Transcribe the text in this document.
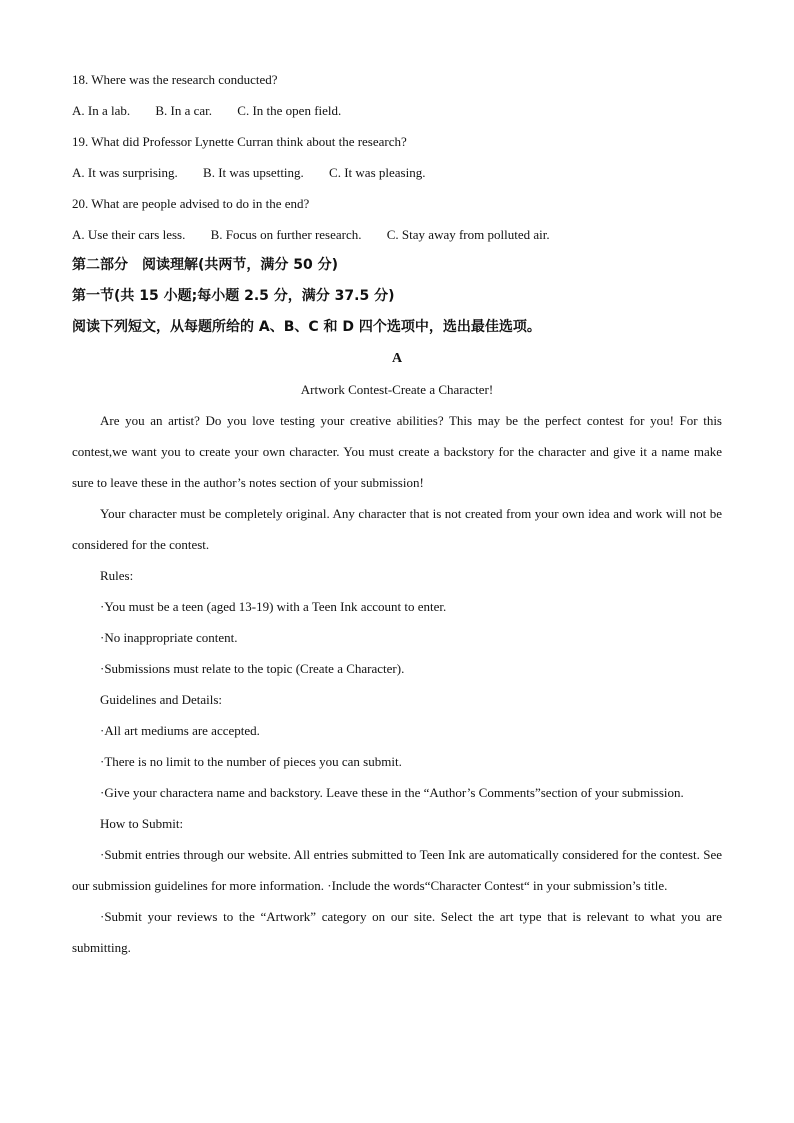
18. Where was the research conducted?

A. In a lab. B. In a car. C. In the open field.

19. What did Professor Lynette Curran think about the research?

A. It was surprising. B. It was upsetting. C. It was pleasing.

20. What are people advised to do in the end?

A. Use their cars less. B. Focus on further research. C. Stay away from polluted air.

第二部分　阅读理解(共两节，满分 50 分)

第一节(共 15 小题;每小题 2.5 分，满分 37.5 分)

阅读下列短文，从每题所给的 A、B、C 和 D 四个选项中，选出最佳选项。

A

Artwork Contest-Create a Character!

Are you an artist? Do you love testing your creative abilities? This may be the perfect contest for you! For this contest,we want you to create your own character. You must create a backstory for the character and give it a name make sure to leave these in the author’s notes section of your submission!

Your character must be completely original. Any character that is not created from your own idea and work will not be considered for the contest.

Rules:

·You must be a teen (aged 13-19) with a Teen Ink account to enter.

·No inappropriate content.

·Submissions must relate to the topic (Create a Character).

Guidelines and Details:

·All art mediums are accepted.

·There is no limit to the number of pieces you can submit.

·Give your charactera name and backstory. Leave these in the “Author’s Comments”section of your submission.

How to Submit:

·Submit entries through our website. All entries submitted to Teen Ink are automatically considered for the contest. See our submission guidelines for more information. ·Include the words“Character Contest“ in your submission’s title.

·Submit your reviews to the “Artwork” category on our site. Select the art type that is relevant to what you are submitting.
